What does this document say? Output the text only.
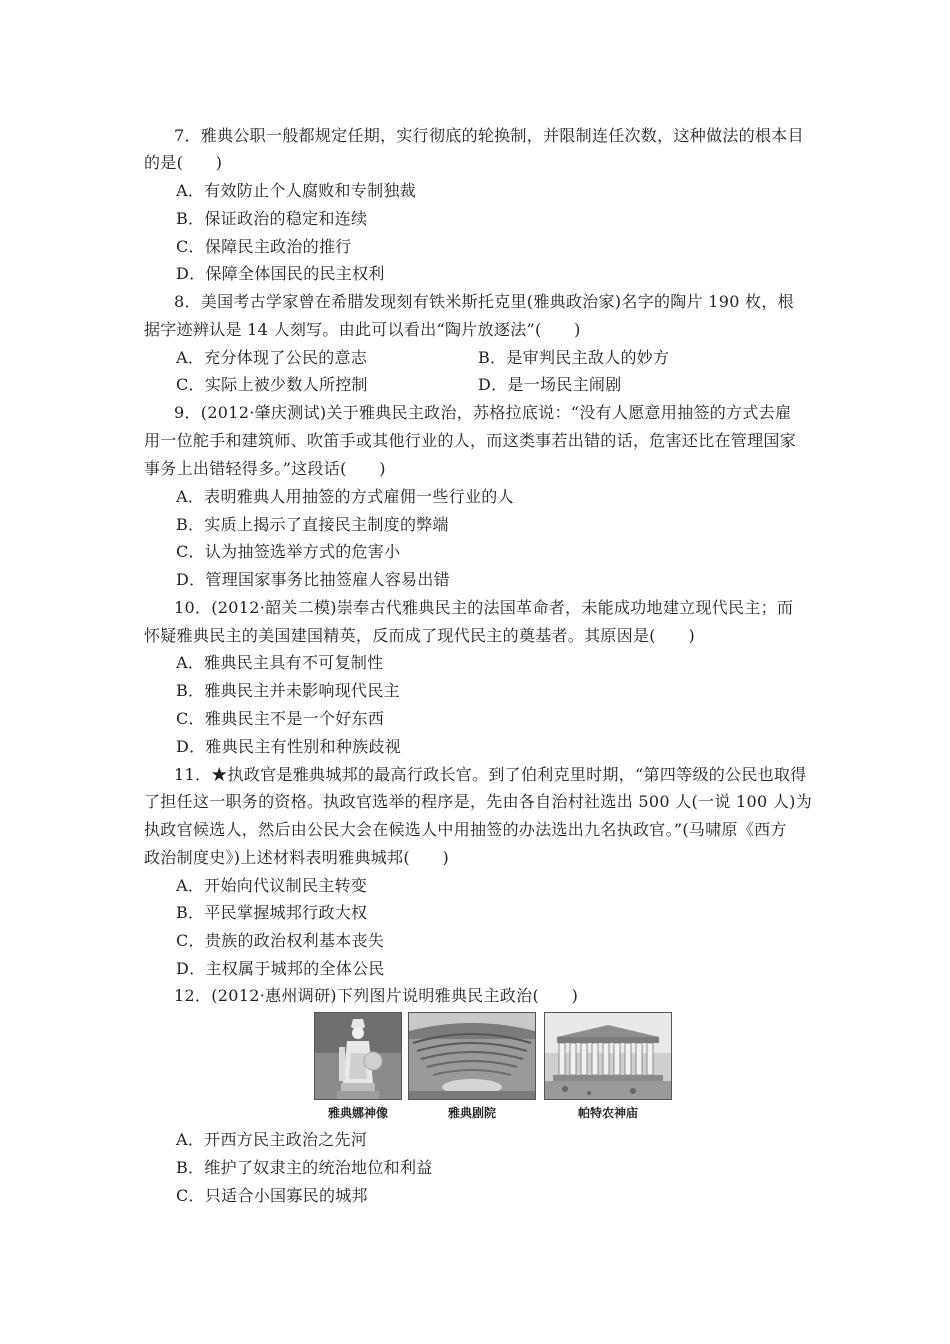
7．雅典公职一般都规定任期，实行彻底的轮换制，并限制连任次数，这种做法的根本目
的是(　　)
A．有效防止个人腐败和专制独裁
B．保证政治的稳定和连续
C．保障民主政治的推行
D．保障全体国民的民主权利
8．美国考古学家曾在希腊发现刻有铁米斯托克里(雅典政治家)名字的陶片 190 枚，根
据字迹辨认是 14 人刻写。由此可以看出“陶片放逐法”(　　)
A．充分体现了公民的意志	B．是审判民主敌人的妙方
C．实际上被少数人所控制	D．是一场民主闹剧
9．(2012·肇庆测试)关于雅典民主政治，苏格拉底说：“没有人愿意用抽签的方式去雇
用一位舵手和建筑师、吹笛手或其他行业的人，而这类事若出错的话，危害还比在管理国家
事务上出错轻得多。”这段话(　　)
A．表明雅典人用抽签的方式雇佣一些行业的人
B．实质上揭示了直接民主制度的弊端
C．认为抽签选举方式的危害小
D．管理国家事务比抽签雇人容易出错
10．(2012·韶关二模)崇奉古代雅典民主的法国革命者，未能成功地建立现代民主；而
怀疑雅典民主的美国建国精英，反而成了现代民主的奠基者。其原因是(　　)
A．雅典民主具有不可复制性
B．雅典民主并未影响现代民主
C．雅典民主不是一个好东西
D．雅典民主有性别和种族歧视
11．★执政官是雅典城邦的最高行政长官。到了伯利克里时期，“第四等级的公民也取得
了担任这一职务的资格。执政官选举的程序是，先由各自治村社选出 500 人(一说 100 人)为
执政官候选人，然后由公民大会在候选人中用抽签的办法选出九名执政官。”(马啸原《西方
政治制度史》)上述材料表明雅典城邦(　　)
A．开始向代议制民主转变
B．平民掌握城邦行政大权
C．贵族的政治权利基本丧失
D．主权属于城邦的全体公民
12．(2012·惠州调研)下列图片说明雅典民主政治(　　)
雅典娜神像	雅典剧院	帕特农神庙
A．开西方民主政治之先河
B．维护了奴隶主的统治地位和利益
C．只适合小国寡民的城邦
